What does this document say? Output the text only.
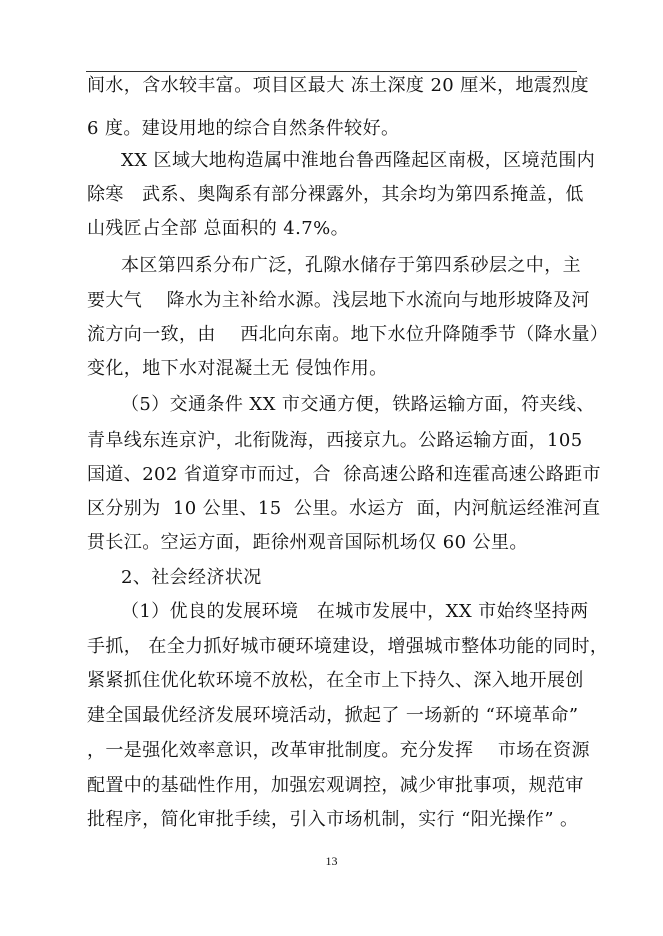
间水，含水较丰富。项目区最大 冻土深度 20 厘米，地震烈度
6 度。建设用地的综合自然条件较好。
XX 区域大地构造属中淮地台鲁西隆起区南极，区境范围内
除寒   武系、奥陶系有部分裸露外，其余均为第四系掩盖，低
山残匠占全部 总面积的 4.7%。
本区第四系分布广泛，孔隙水储存于第四系砂层之中，主
要大气    降水为主补给水源。浅层地下水流向与地形坡降及河
流方向一致，由    西北向东南。地下水位升降随季节（降水量）
变化，地下水对混凝土无 侵蚀作用。
（5）交通条件 XX 市交通方便，铁路运输方面，符夹线、
青阜线东连京沪，北衔陇海，西接京九。公路运输方面，105
国道、202 省道穿市而过，合  徐高速公路和连霍高速公路距市
区分别为  10 公里、15  公里。水运方  面，内河航运经淮河直
贯长江。空运方面，距徐州观音国际机场仅 60 公里。
2、社会经济状况
（1）优良的发展环境   在城市发展中，XX 市始终坚持两
手抓， 在全力抓好城市硬环境建设，增强城市整体功能的同时，
紧紧抓住优化软环境不放松，在全市上下持久、深入地开展创
建全国最优经济发展环境活动，掀起了 一场新的 “环境革命”
，一是强化效率意识，改革审批制度。充分发挥    市场在资源
配置中的基础性作用，加强宏观调控，减少审批事项，规范审
批程序，简化审批手续，引入市场机制，实行 “阳光操作” 。
13
